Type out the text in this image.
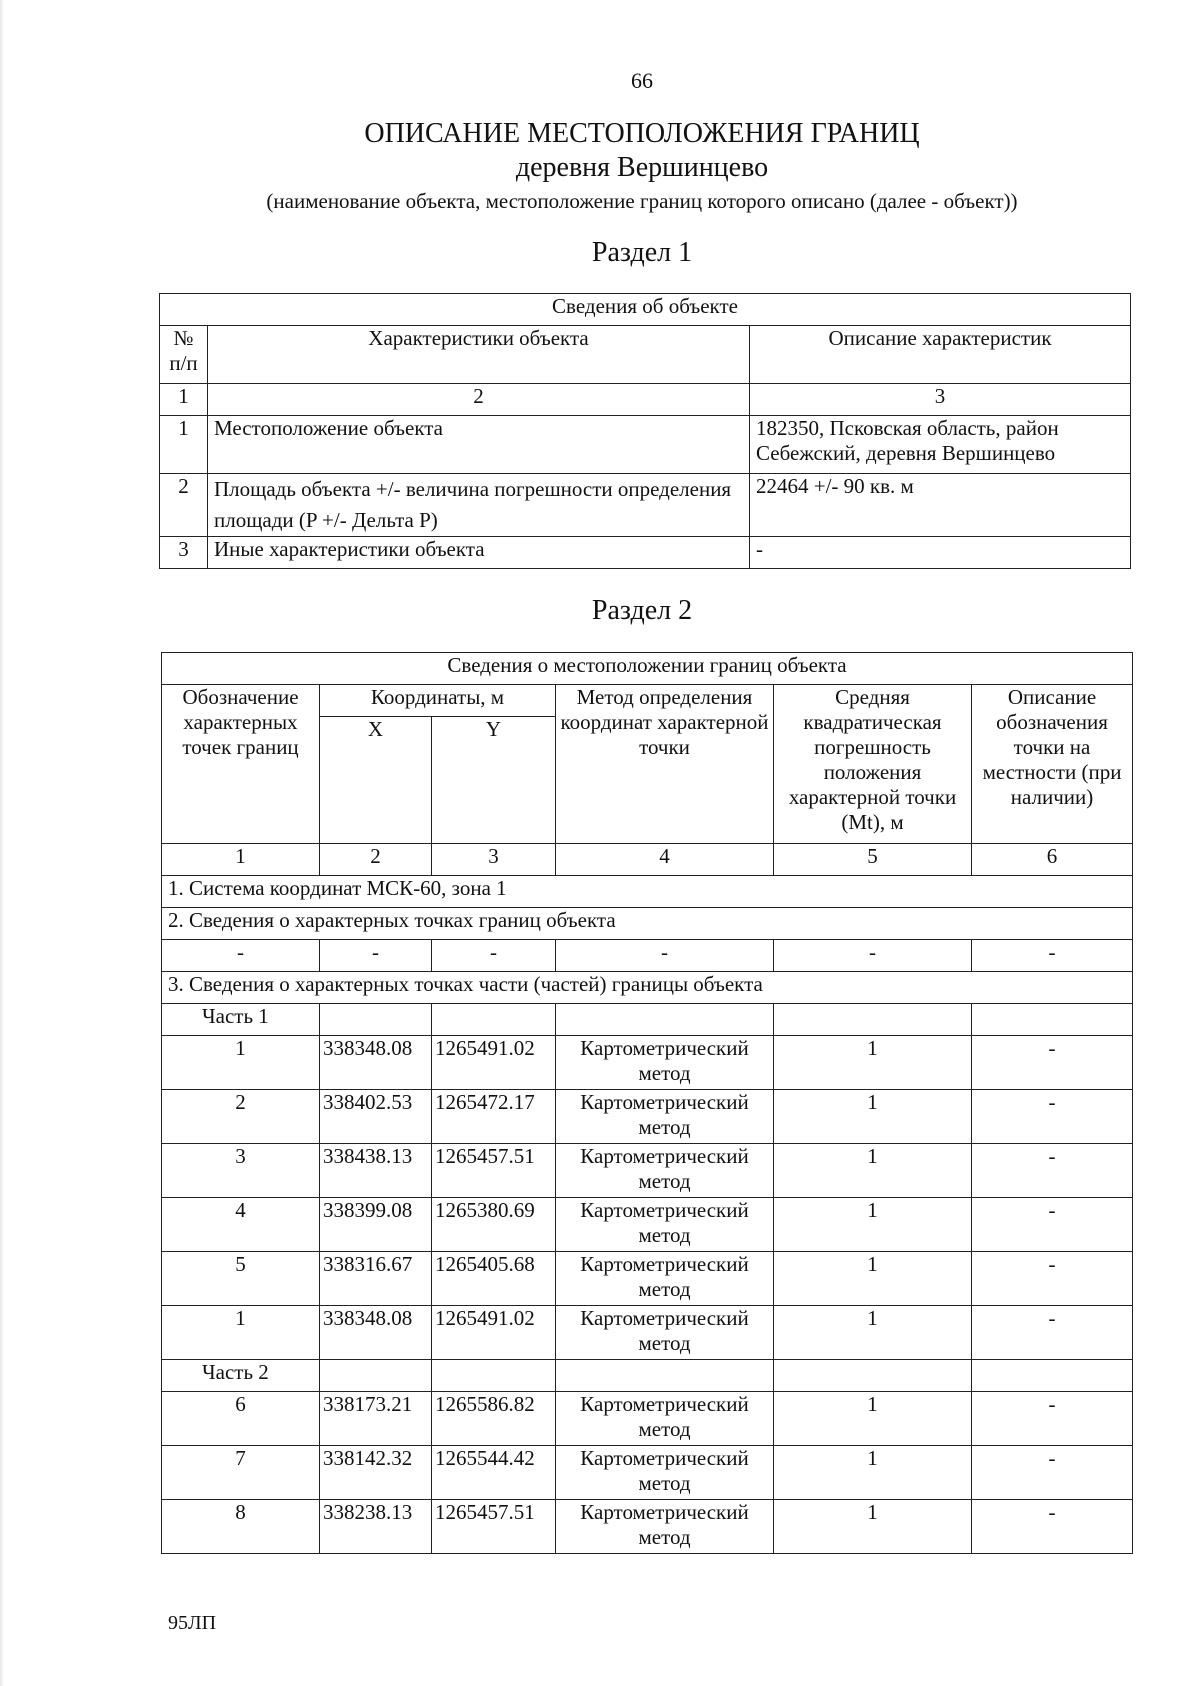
66
ОПИСАНИЕ МЕСТОПОЛОЖЕНИЯ ГРАНИЦ
деревня Вершинцево
(наименование объекта, местоположение границ которого описано (далее - объект))
Раздел 1
Сведения об объекте		
№ п/п	Характеристики объекта	Описание характеристик
1	2	3
1	Местоположение объекта	182350, Псковская область, район Себежский, деревня Вершинцево
2	Площадь объекта +/- величина погрешности определения площади (P +/- Дельта P)	22464 +/- 90 кв. м
3	Иные характеристики объекта	-
Раздел 2
Сведения о местоположении границ объекта					
Обозначение характерных точек границ	Координаты, м		Метод определения координат характерной точки	Средняя квадратическая погрешность положения характерной точки (Mt), м	Описание обозначения точки на местности (при наличии)
	X	Y			
1	2	3	4	5	6
1. Система координат МСК-60, зона 1					
2. Сведения о характерных точках границ объекта					
-	-	-	-	-	-
3. Сведения о характерных точках части (частей) границы объекта					
Часть 1					
1	338348.08	1265491.02	Картометрический метод	1	-
2	338402.53	1265472.17	Картометрический метод	1	-
3	338438.13	1265457.51	Картометрический метод	1	-
4	338399.08	1265380.69	Картометрический метод	1	-
5	338316.67	1265405.68	Картометрический метод	1	-
1	338348.08	1265491.02	Картометрический метод	1	-
Часть 2					
6	338173.21	1265586.82	Картометрический метод	1	-
7	338142.32	1265544.42	Картометрический метод	1	-
8	338238.13	1265457.51	Картометрический метод	1	-
95ЛП
